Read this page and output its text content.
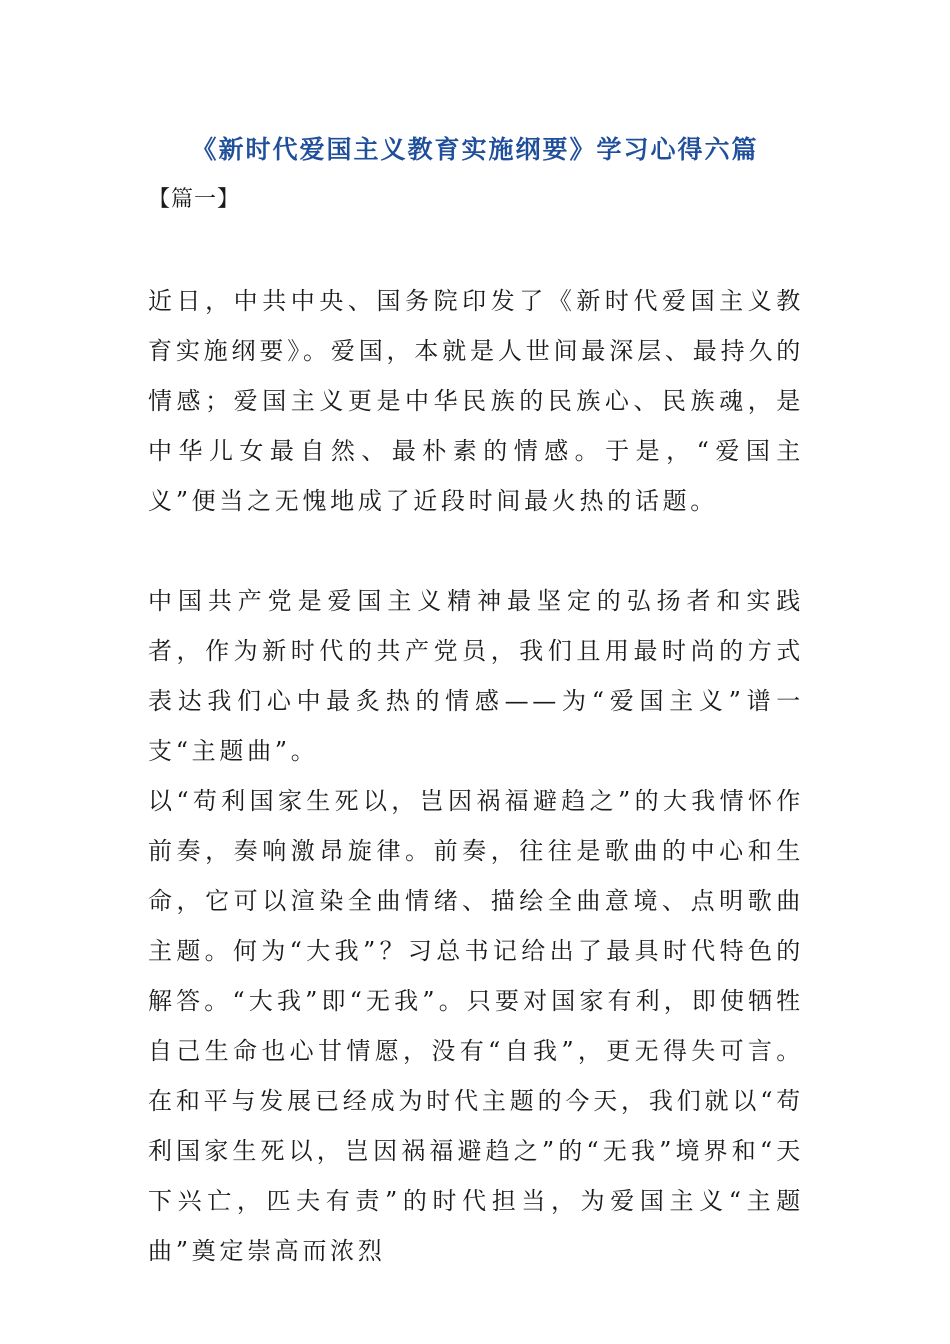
《新时代爱国主义教育实施纲要》学习心得六篇
【篇一】

近日，中共中央、国务院印发了《新时代爱国主义教育实施纲要》。爱国，本就是人世间最深层、最持久的情感；爱国主义更是中华民族的民族心、民族魂，是中华儿女最自然、最朴素的情感。于是，“爱国主义”便当之无愧地成了近段时间最火热的话题。

中国共产党是爱国主义精神最坚定的弘扬者和实践者，作为新时代的共产党员，我们且用最时尚的方式表达我们心中最炙热的情感——为“爱国主义”谱一支“主题曲”。

以“苟利国家生死以，岂因祸福避趋之”的大我情怀作前奏，奏响激昂旋律。前奏，往往是歌曲的中心和生命，它可以渲染全曲情绪、描绘全曲意境、点明歌曲主题。何为“大我”？习总书记给出了最具时代特色的解答。“大我”即“无我”。只要对国家有利，即使牺牲自己生命也心甘情愿，没有“自我”，更无得失可言。在和平与发展已经成为时代主题的今天，我们就以“苟利国家生死以，岂因祸福避趋之”的“无我”境界和“天下兴亡，匹夫有责”的时代担当，为爱国主义“主题曲”奠定崇高而浓烈
